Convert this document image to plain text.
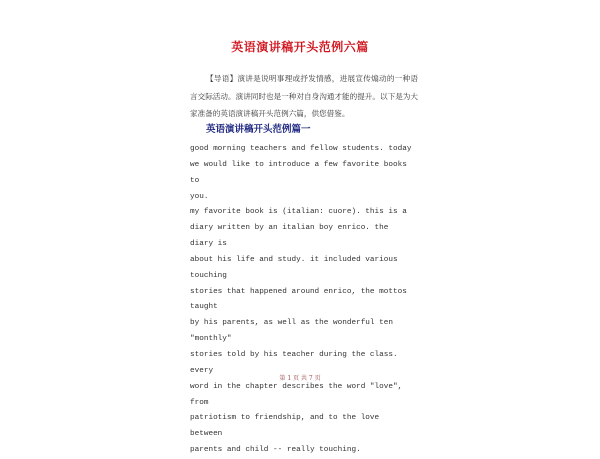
英语演讲稿开头范例六篇
【导语】演讲是说明事理或抒发情感，进展宣传煽动的一种语言交际活动。演讲同时也是一种对自身沟通才能的提升。以下是为大家准备的英语演讲稿开头范例六篇，供您借鉴。
英语演讲稿开头范例篇一

good morning teachers and fellow students. today
we would like to introduce a few favorite books to
you.

my favorite book is (italian: cuore). this is a
diary written by an italian boy enrico. the diary is
about his life and study. it included various touching
stories that happened around enrico, the mottos taught
by his parents, as well as the wonderful ten "monthly"
stories told by his teacher during the class. every
word in the chapter describes the word "love", from
patriotism to friendship, and to the love between
parents and child -- really touching.

第 1 页 共 7 页
